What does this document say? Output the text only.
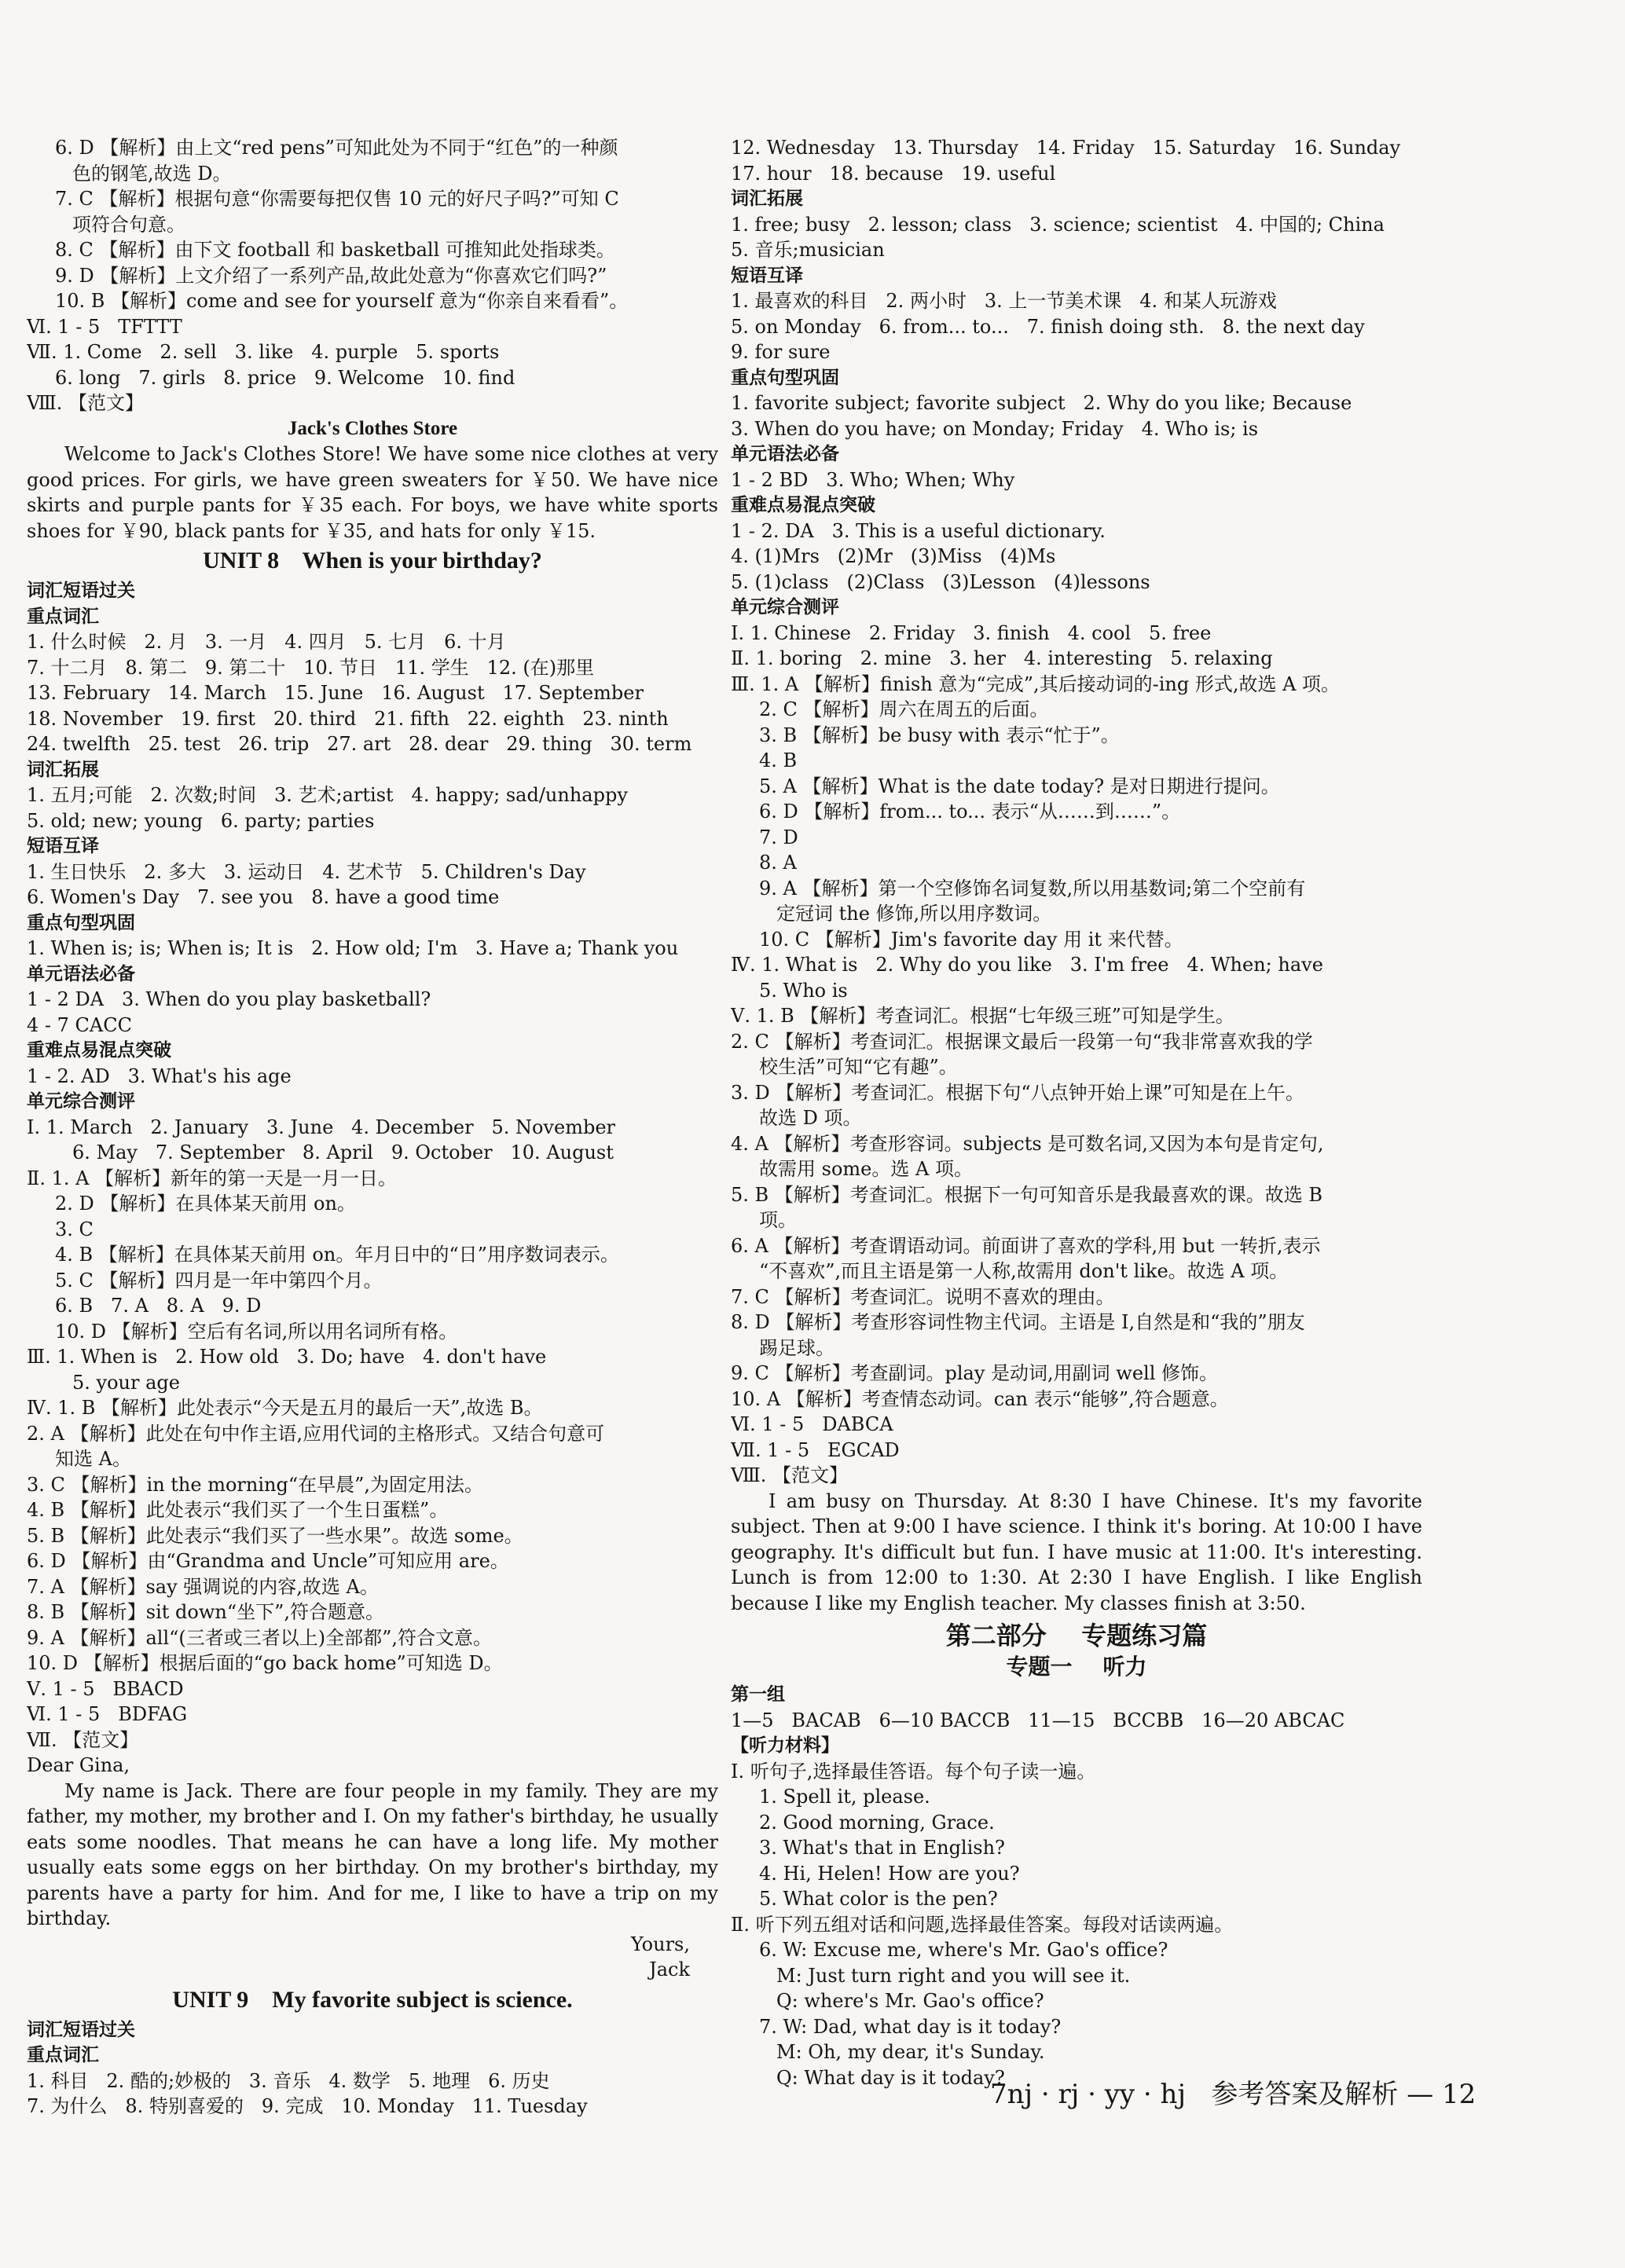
6. D 【解析】由上文“red pens”可知此处为不同于“红色”的一种颜
色的钢笔,故选 D。
7. C 【解析】根据句意“你需要每把仅售 10 元的好尺子吗?”可知 C
项符合句意。
8. C 【解析】由下文 football 和 basketball 可推知此处指球类。
9. D 【解析】上文介绍了一系列产品,故此处意为“你喜欢它们吗?”
10. B 【解析】come and see for yourself 意为“你亲自来看看”。
Ⅵ. 1 - 5   TFTTT
Ⅶ. 1. Come   2. sell   3. like   4. purple   5. sports
6. long   7. girls   8. price   9. Welcome   10. find
Ⅷ. 【范文】
Jack's Clothes Store
Welcome to Jack's Clothes Store! We have some nice clothes at very good prices. For girls, we have green sweaters for ￥50. We have nice skirts and purple pants for ￥35 each. For boys, we have white sports shoes for ￥90, black pants for ￥35, and hats for only ￥15.
UNIT 8    When is your birthday?
词汇短语过关
重点词汇
1. 什么时候   2. 月   3. 一月   4. 四月   5. 七月   6. 十月
7. 十二月   8. 第二   9. 第二十   10. 节日   11. 学生   12. (在)那里
13. February   14. March   15. June   16. August   17. September
18. November   19. first   20. third   21. fifth   22. eighth   23. ninth
24. twelfth   25. test   26. trip   27. art   28. dear   29. thing   30. term
词汇拓展
1. 五月;可能   2. 次数;时间   3. 艺术;artist   4. happy; sad/unhappy
5. old; new; young   6. party; parties
短语互译
1. 生日快乐   2. 多大   3. 运动日   4. 艺术节   5. Children's Day
6. Women's Day   7. see you   8. have a good time
重点句型巩固
1. When is; is; When is; It is   2. How old; I'm   3. Have a; Thank you
单元语法必备
1 - 2 DA   3. When do you play basketball?
4 - 7 CACC
重难点易混点突破
1 - 2. AD   3. What's his age
单元综合测评
Ⅰ. 1. March   2. January   3. June   4. December   5. November
6. May   7. September   8. April   9. October   10. August
Ⅱ. 1. A 【解析】新年的第一天是一月一日。
2. D 【解析】在具体某天前用 on。
3. C
4. B 【解析】在具体某天前用 on。年月日中的“日”用序数词表示。
5. C 【解析】四月是一年中第四个月。
6. B   7. A   8. A   9. D
10. D 【解析】空后有名词,所以用名词所有格。
Ⅲ. 1. When is   2. How old   3. Do; have   4. don't have
5. your age
Ⅳ. 1. B 【解析】此处表示“今天是五月的最后一天”,故选 B。
2. A 【解析】此处在句中作主语,应用代词的主格形式。又结合句意可
知选 A。
3. C 【解析】in the morning“在早晨”,为固定用法。
4. B 【解析】此处表示“我们买了一个生日蛋糕”。
5. B 【解析】此处表示“我们买了一些水果”。故选 some。
6. D 【解析】由“Grandma and Uncle”可知应用 are。
7. A 【解析】say 强调说的内容,故选 A。
8. B 【解析】sit down“坐下”,符合题意。
9. A 【解析】all“(三者或三者以上)全部都”,符合文意。
10. D 【解析】根据后面的“go back home”可知选 D。
Ⅴ. 1 - 5   BBACD
Ⅵ. 1 - 5   BDFAG
Ⅶ. 【范文】
Dear Gina,
My name is Jack. There are four people in my family. They are my father, my mother, my brother and I. On my father's birthday, he usually eats some noodles. That means he can have a long life. My mother usually eats some eggs on her birthday. On my brother's birthday, my parents have a party for him. And for me, I like to have a trip on my birthday.
Yours,
Jack
UNIT 9    My favorite subject is science.
词汇短语过关
重点词汇
1. 科目   2. 酷的;妙极的   3. 音乐   4. 数学   5. 地理   6. 历史
7. 为什么   8. 特别喜爱的   9. 完成   10. Monday   11. Tuesday
12. Wednesday   13. Thursday   14. Friday   15. Saturday   16. Sunday
17. hour   18. because   19. useful
词汇拓展
1. free; busy   2. lesson; class   3. science; scientist   4. 中国的; China
5. 音乐;musician
短语互译
1. 最喜欢的科目   2. 两小时   3. 上一节美术课   4. 和某人玩游戏
5. on Monday   6. from... to...   7. finish doing sth.   8. the next day
9. for sure
重点句型巩固
1. favorite subject; favorite subject   2. Why do you like; Because
3. When do you have; on Monday; Friday   4. Who is; is
单元语法必备
1 - 2 BD   3. Who; When; Why
重难点易混点突破
1 - 2. DA   3. This is a useful dictionary.
4. (1)Mrs   (2)Mr   (3)Miss   (4)Ms
5. (1)class   (2)Class   (3)Lesson   (4)lessons
单元综合测评
Ⅰ. 1. Chinese   2. Friday   3. finish   4. cool   5. free
Ⅱ. 1. boring   2. mine   3. her   4. interesting   5. relaxing
Ⅲ. 1. A 【解析】finish 意为“完成”,其后接动词的-ing 形式,故选 A 项。
2. C 【解析】周六在周五的后面。
3. B 【解析】be busy with 表示“忙于”。
4. B
5. A 【解析】What is the date today? 是对日期进行提问。
6. D 【解析】from... to... 表示“从……到……”。
7. D
8. A
9. A 【解析】第一个空修饰名词复数,所以用基数词;第二个空前有
定冠词 the 修饰,所以用序数词。
10. C 【解析】Jim's favorite day 用 it 来代替。
Ⅳ. 1. What is   2. Why do you like   3. I'm free   4. When; have
5. Who is
Ⅴ. 1. B 【解析】考查词汇。根据“七年级三班”可知是学生。
2. C 【解析】考查词汇。根据课文最后一段第一句“我非常喜欢我的学
校生活”可知“它有趣”。
3. D 【解析】考查词汇。根据下句“八点钟开始上课”可知是在上午。
故选 D 项。
4. A 【解析】考查形容词。subjects 是可数名词,又因为本句是肯定句,
故需用 some。选 A 项。
5. B 【解析】考查词汇。根据下一句可知音乐是我最喜欢的课。故选 B
项。
6. A 【解析】考查谓语动词。前面讲了喜欢的学科,用 but 一转折,表示
“不喜欢”,而且主语是第一人称,故需用 don't like。故选 A 项。
7. C 【解析】考查词汇。说明不喜欢的理由。
8. D 【解析】考查形容词性物主代词。主语是 I,自然是和“我的”朋友
踢足球。
9. C 【解析】考查副词。play 是动词,用副词 well 修饰。
10. A 【解析】考查情态动词。can 表示“能够”,符合题意。
Ⅵ. 1 - 5   DABCA
Ⅶ. 1 - 5   EGCAD
Ⅷ. 【范文】
I am busy on Thursday. At 8:30 I have Chinese. It's my favorite subject. Then at 9:00 I have science. I think it's boring. At 10:00 I have geography. It's difficult but fun. I have music at 11:00. It's interesting. Lunch is from 12:00 to 1:30. At 2:30 I have English. I like English because I like my English teacher. My classes finish at 3:50.
第二部分    专题练习篇
专题一    听力
第一组
1—5   BACAB   6—10 BACCB   11—15   BCCBB   16—20 ABCAC
【听力材料】
Ⅰ. 听句子,选择最佳答语。每个句子读一遍。
1. Spell it, please.
2. Good morning, Grace.
3. What's that in English?
4. Hi, Helen! How are you?
5. What color is the pen?
Ⅱ. 听下列五组对话和问题,选择最佳答案。每段对话读两遍。
6. W: Excuse me, where's Mr. Gao's office?
M: Just turn right and you will see it.
Q: where's Mr. Gao's office?
7. W: Dad, what day is it today?
M: Oh, my dear, it's Sunday.
Q: What day is it today?
7nj · rj · yy · hj   参考答案及解析 — 12
